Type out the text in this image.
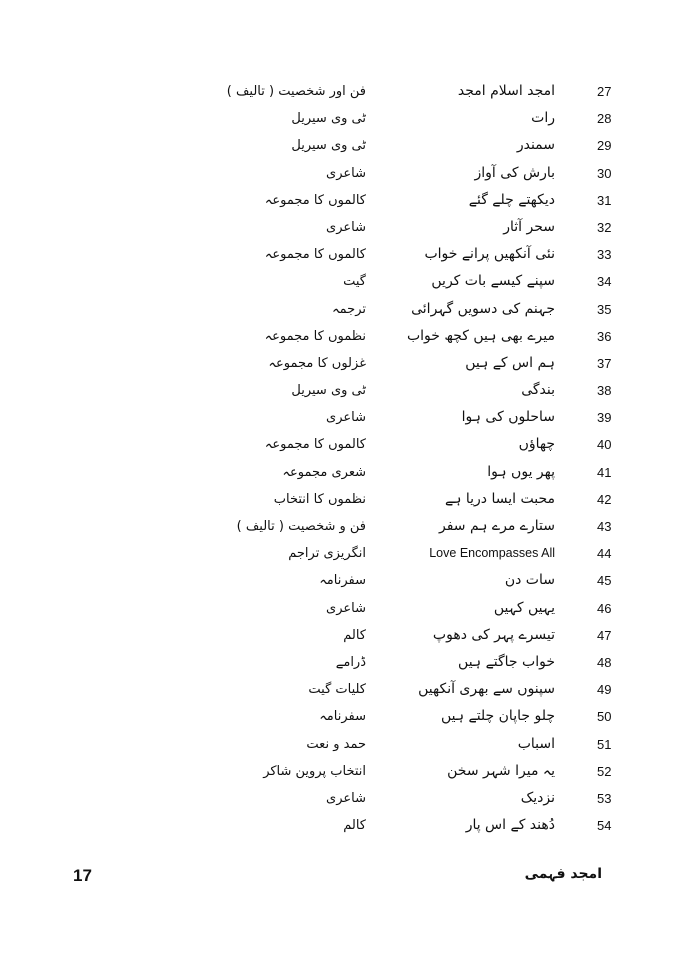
27
امجد اسلام امجد
فن اور شخصیت ( تالیف )
28
رات
ٹی وی سیریل
29
سمندر
ٹی وی سیریل
30
بارش کی آواز
شاعری
31
دیکھتے چلے گئے
کالموں کا مجموعہ
32
سحر آثار
شاعری
33
نئی آنکھیں پرانے خواب
کالموں کا مجموعہ
34
سپنے کیسے بات کریں
گیت
35
جہنم کی دسویں گہرائی
ترجمہ
36
میرے بھی ہیں کچھ خواب
نظموں کا مجموعہ
37
ہم اس کے ہیں
غزلوں کا مجموعہ
38
بندگی
ٹی وی سیریل
39
ساحلوں کی ہوا
شاعری
40
چھاؤں
کالموں کا مجموعہ
41
پھر یوں ہوا
شعری مجموعہ
42
محبت ایسا دریا ہے
نظموں کا انتخاب
43
ستارے مرے ہم سفر
فن و شخصیت ( تالیف )
44
Love Encompasses All
انگریزی تراجم
45
سات دن
سفرنامہ
46
یہیں کہیں
شاعری
47
تیسرے پہر کی دھوپ
کالم
48
خواب جاگتے ہیں
ڈرامے
49
سپنوں سے بھری آنکھیں
کلیات گیت
50
چلو جاپان چلتے ہیں
سفرنامہ
51
اسباب
حمد و نعت
52
یہ میرا شہر سخن
انتخاب پروین شاکر
53
نزدیک
شاعری
54
دُھند کے اس پار
کالم
17	امجد فہمی
